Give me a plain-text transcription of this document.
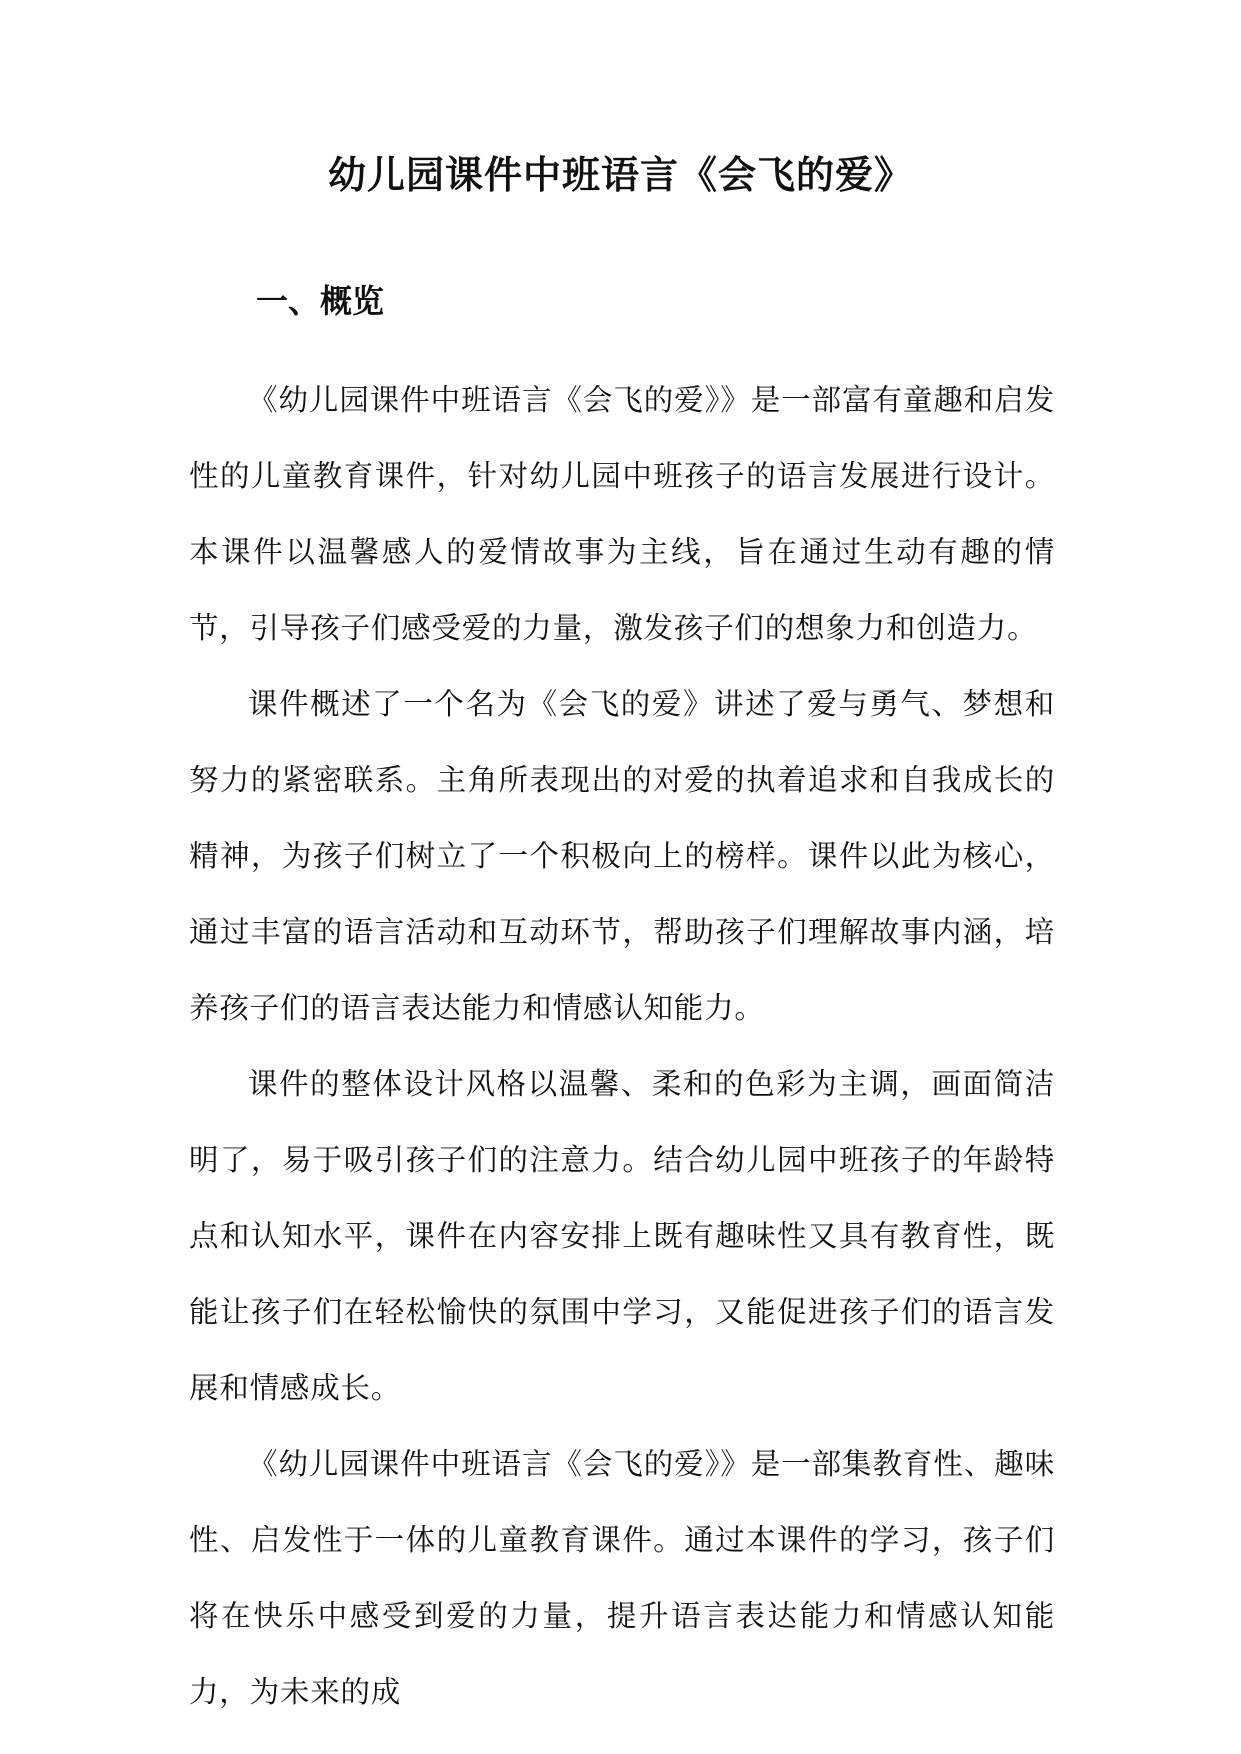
幼儿园课件中班语言《会飞的爱》
一、概览

《幼儿园课件中班语言《会飞的爱》》是一部富有童趣和启发性的儿童教育课件，针对幼儿园中班孩子的语言发展进行设计。本课件以温馨感人的爱情故事为主线，旨在通过生动有趣的情节，引导孩子们感受爱的力量，激发孩子们的想象力和创造力。

课件概述了一个名为《会飞的爱》讲述了爱与勇气、梦想和努力的紧密联系。主角所表现出的对爱的执着追求和自我成长的精神，为孩子们树立了一个积极向上的榜样。课件以此为核心，通过丰富的语言活动和互动环节，帮助孩子们理解故事内涵，培养孩子们的语言表达能力和情感认知能力。

课件的整体设计风格以温馨、柔和的色彩为主调，画面简洁明了，易于吸引孩子们的注意力。结合幼儿园中班孩子的年龄特点和认知水平，课件在内容安排上既有趣味性又具有教育性，既能让孩子们在轻松愉快的氛围中学习，又能促进孩子们的语言发展和情感成长。

《幼儿园课件中班语言《会飞的爱》》是一部集教育性、趣味性、启发性于一体的儿童教育课件。通过本课件的学习，孩子们将在快乐中感受到爱的力量，提升语言表达能力和情感认知能力，为未来的成
